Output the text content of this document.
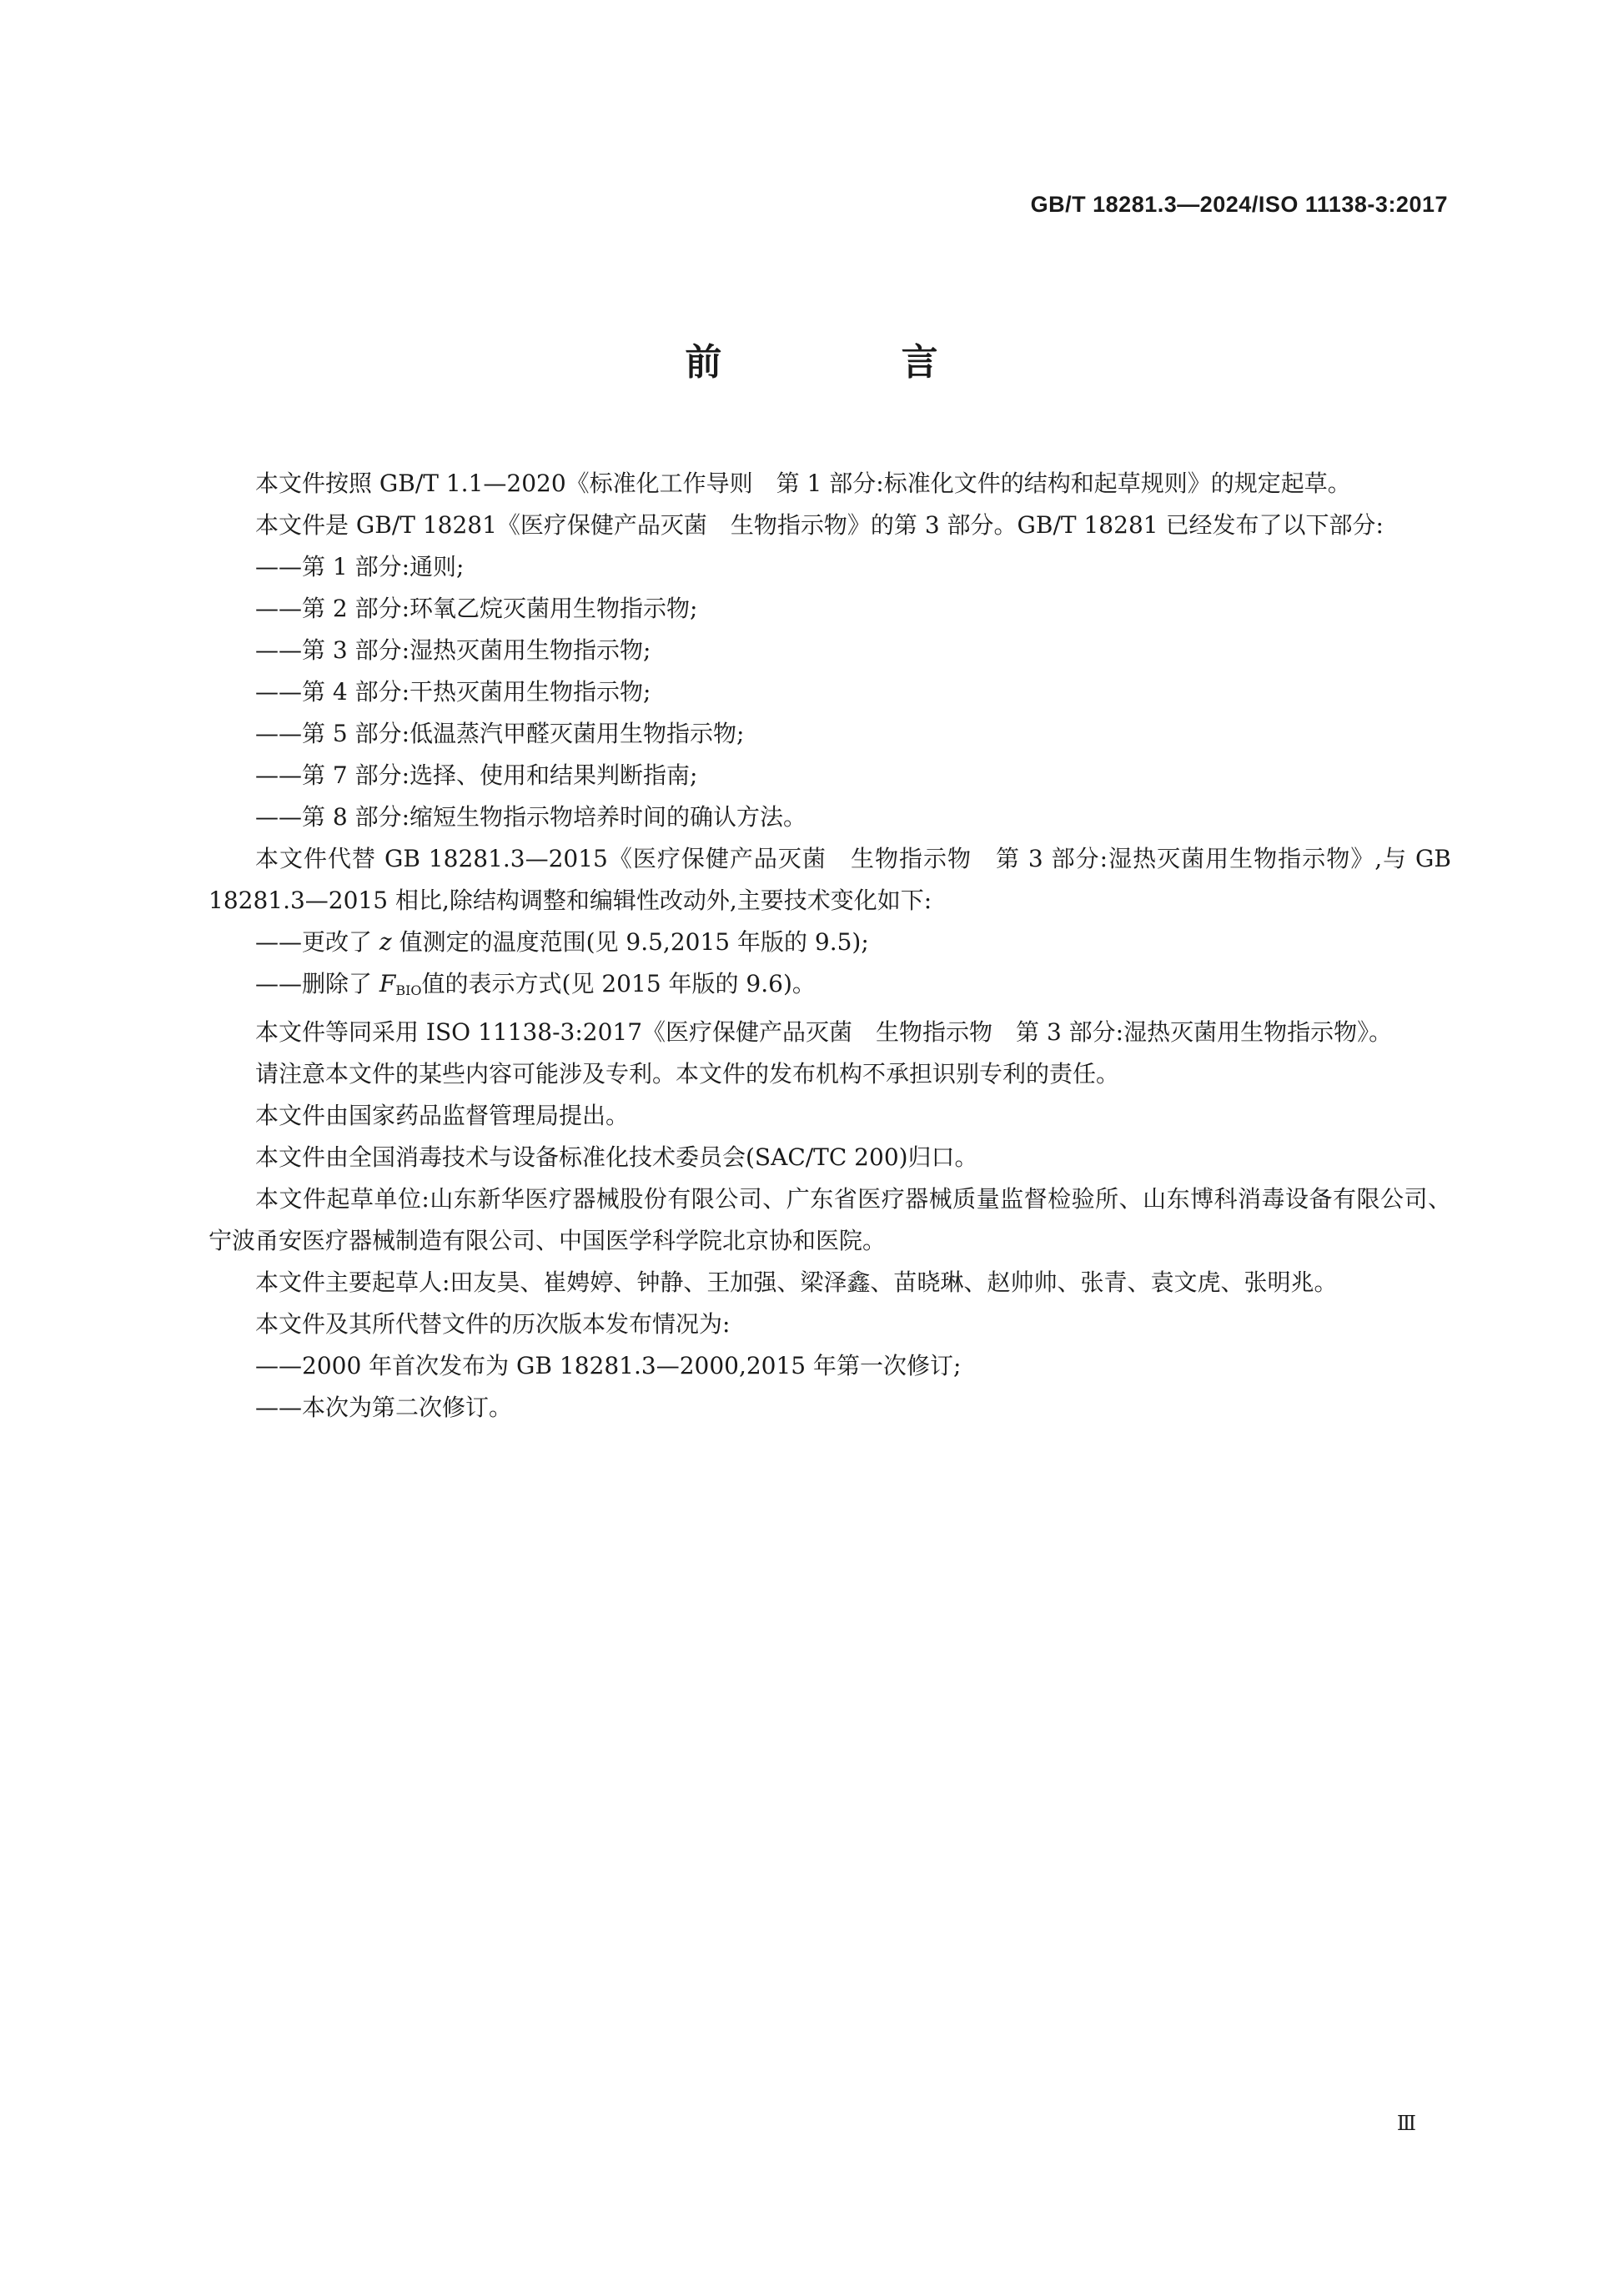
GB/T 18281.3—2024/ISO 11138-3:2017
前 言

本文件按照 GB/T 1.1—2020《标准化工作导则　第 1 部分:标准化文件的结构和起草规则》的规定起草。

本文件是 GB/T 18281《医疗保健产品灭菌　生物指示物》的第 3 部分。GB/T 18281 已经发布了以下部分:

——第 1 部分:通则;

——第 2 部分:环氧乙烷灭菌用生物指示物;

——第 3 部分:湿热灭菌用生物指示物;

——第 4 部分:干热灭菌用生物指示物;

——第 5 部分:低温蒸汽甲醛灭菌用生物指示物;

——第 7 部分:选择、使用和结果判断指南;

——第 8 部分:缩短生物指示物培养时间的确认方法。

本文件代替 GB 18281.3—2015《医疗保健产品灭菌　生物指示物　第 3 部分:湿热灭菌用生物指示物》,与 GB 18281.3—2015 相比,除结构调整和编辑性改动外,主要技术变化如下:

——更改了 z 值测定的温度范围(见 9.5,2015 年版的 9.5);

——删除了 $F_{BIO}$值的表示方式(见 2015 年版的 9.6)。

本文件等同采用 ISO 11138-3:2017《医疗保健产品灭菌　生物指示物　第 3 部分:湿热灭菌用生物指示物》。

请注意本文件的某些内容可能涉及专利。本文件的发布机构不承担识别专利的责任。

本文件由国家药品监督管理局提出。

本文件由全国消毒技术与设备标准化技术委员会(SAC/TC 200)归口。

本文件起草单位:山东新华医疗器械股份有限公司、广东省医疗器械质量监督检验所、山东博科消毒设备有限公司、宁波甬安医疗器械制造有限公司、中国医学科学院北京协和医院。

本文件主要起草人:田友昊、崔娉婷、钟静、王加强、梁泽鑫、苗晓琳、赵帅帅、张青、袁文虎、张明兆。

本文件及其所代替文件的历次版本发布情况为:

——2000 年首次发布为 GB 18281.3—2000,2015 年第一次修订;

——本次为第二次修订。

Ⅲ
